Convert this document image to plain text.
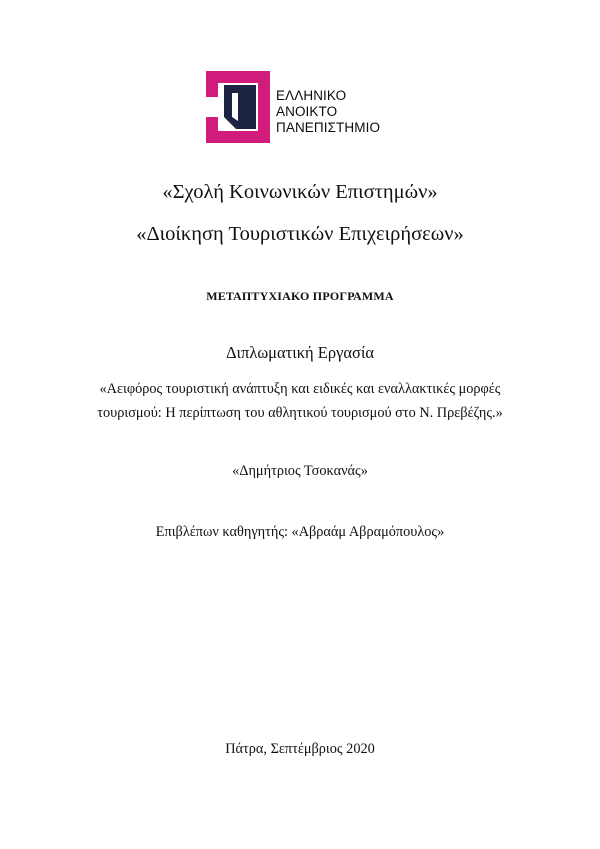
ΕΛΛΗΝΙΚΟ
ΑΝΟΙΚΤΟ
ΠΑΝΕΠΙΣΤΗΜΙΟ
«Σχολή Κοινωνικών Επιστημών»
«Διοίκηση Τουριστικών Επιχειρήσεων»
ΜΕΤΑΠΤΥΧΙΑΚΟ ΠΡΟΓΡΑΜΜΑ
Διπλωματική Εργασία
«Αειφόρος τουριστική ανάπτυξη και ειδικές και εναλλακτικές μορφές τουρισμού: Η περίπτωση του αθλητικού τουρισμού στο Ν. Πρεβέζης.»
«Δημήτριος Τσοκανάς»
Επιβλέπων καθηγητής: «Αβραάμ Αβραμόπουλος»
Πάτρα, Σεπτέμβριος 2020
